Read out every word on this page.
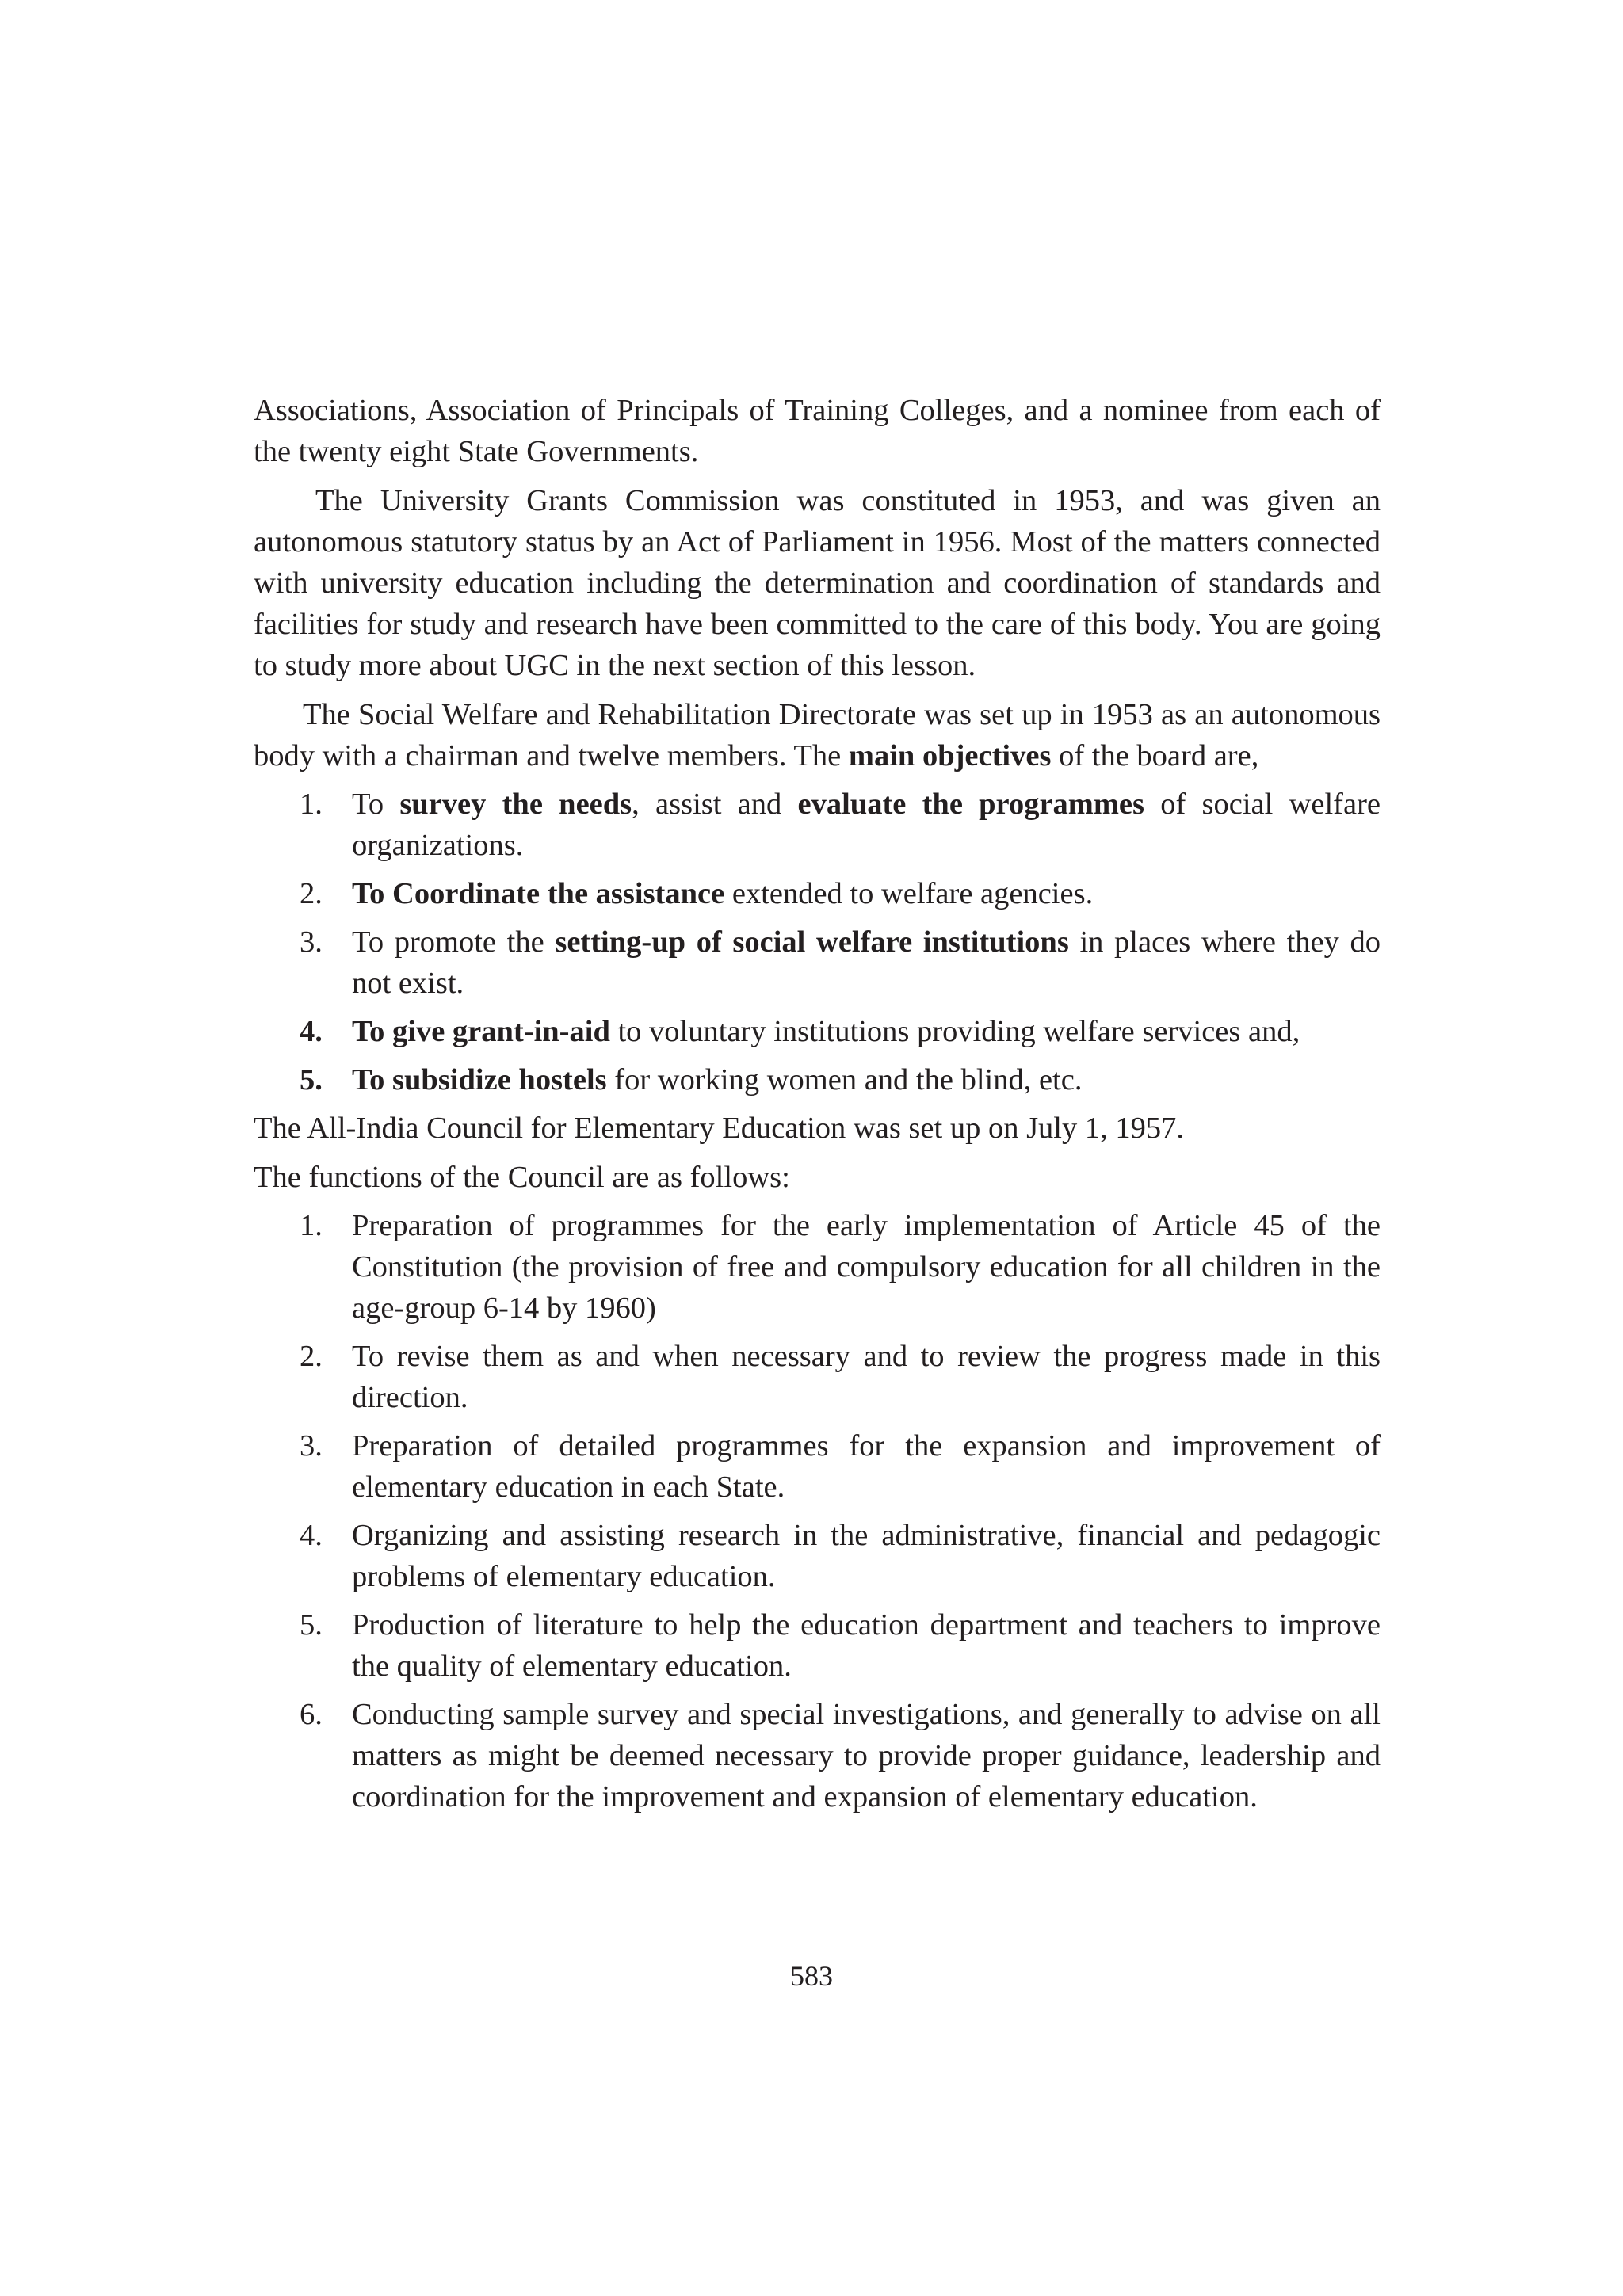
Associations, Association of Principals of Training Colleges, and a nominee from each of the twenty eight State Governments.

The University Grants Commission was constituted in 1953, and was given an autonomous statutory status by an Act of Parliament in 1956. Most of the matters connected with university education including the determination and coordination of standards and facilities for study and research have been committed to the care of this body. You are going to study more about UGC in the next section of this lesson.

The Social Welfare and Rehabilitation Directorate was set up in 1953 as an autonomous body with a chairman and twelve members. The main objectives of the board are,

1. To survey the needs, assist and evaluate the programmes of social welfare organizations.
2. To Coordinate the assistance extended to welfare agencies.
3. To promote the setting-up of social welfare institutions in places where they do not exist.
4. To give grant-in-aid to voluntary institutions providing welfare services and,
5. To subsidize hostels for working women and the blind, etc.

The All-India Council for Elementary Education was set up on July 1, 1957.

The functions of the Council are as follows:

1. Preparation of programmes for the early implementation of Article 45 of the Constitution (the provision of free and compulsory education for all children in the age-group 6-14 by 1960)
2. To revise them as and when necessary and to review the progress made in this direction.
3. Preparation of detailed programmes for the expansion and improvement of elementary education in each State.
4. Organizing and assisting research in the administrative, financial and pedagogic problems of elementary education.
5. Production of literature to help the education department and teachers to improve the quality of elementary education.
6. Conducting sample survey and special investigations, and generally to advise on all matters as might be deemed necessary to provide proper guidance, leadership and coordination for the improvement and expansion of elementary education.
583
